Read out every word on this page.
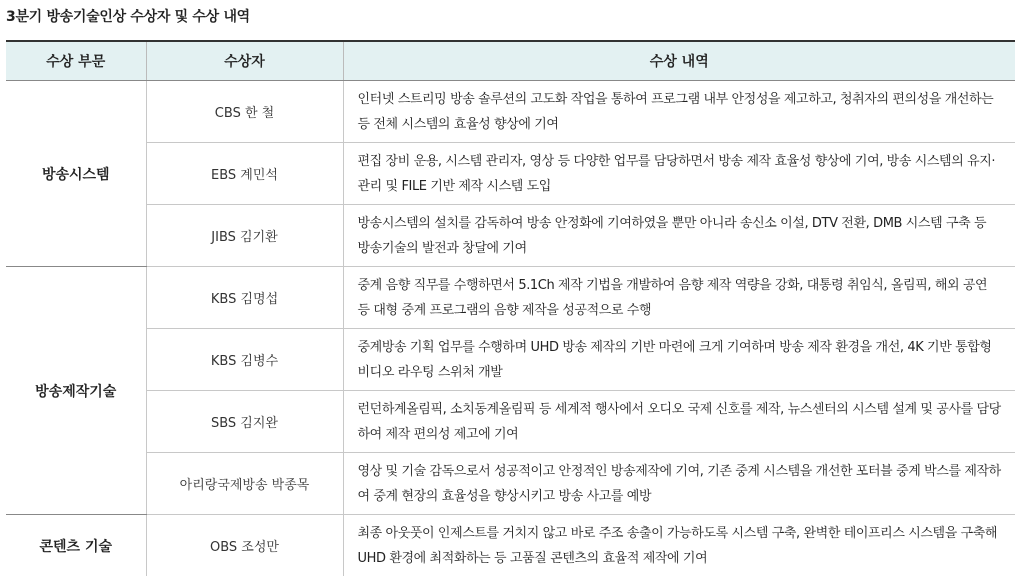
3분기 방송기술인상 수상자 및 수상 내역
수상 부문	수상자	수상 내역
방송시스템	CBS 한 철	인터넷 스트리밍 방송 솔루션의 고도화 작업을 통하여 프로그램 내부 안정성을 제고하고, 청취자의 편의성을 개선하는 등 전체 시스템의 효율성 향상에 기여
	EBS 계민석	편집 장비 운용, 시스템 관리자, 영상 등 다양한 업무를 담당하면서 방송 제작 효율성 향상에 기여, 방송 시스템의 유지·관리 및 FILE 기반 제작 시스템 도입
	JIBS 김기환	방송시스템의 설치를 감독하여 방송 안정화에 기여하였을 뿐만 아니라 송신소 이설, DTV 전환, DMB 시스템 구축 등 방송기술의 발전과 창달에 기여
방송제작기술	KBS 김명섭	중계 음향 직무를 수행하면서 5.1Ch 제작 기법을 개발하여 음향 제작 역량을 강화, 대통령 취임식, 올림픽, 해외 공연 등 대형 중계 프로그램의 음향 제작을 성공적으로 수행
	KBS 김병수	중계방송 기획 업무를 수행하며 UHD 방송 제작의 기반 마련에 크게 기여하며 방송 제작 환경을 개선, 4K 기반 통합형 비디오 라우팅 스위처 개발
	SBS 김지완	런던하계올림픽, 소치동계올림픽 등 세계적 행사에서 오디오 국제 신호를 제작, 뉴스센터의 시스템 설계 및 공사를 담당하여 제작 편의성 제고에 기여
	아리랑국제방송 박종목	영상 및 기술 감독으로서 성공적이고 안정적인 방송제작에 기여, 기존 중계 시스템을 개선한 포터블 중계 박스를 제작하여 중계 현장의 효율성을 향상시키고 방송 사고를 예방
콘텐츠 기술	OBS 조성만	최종 아웃풋이 인제스트를 거치지 않고 바로 주조 송출이 가능하도록 시스템 구축, 완벽한 테이프리스 시스템을 구축해 UHD 환경에 최적화하는 등 고품질 콘텐츠의 효율적 제작에 기여
